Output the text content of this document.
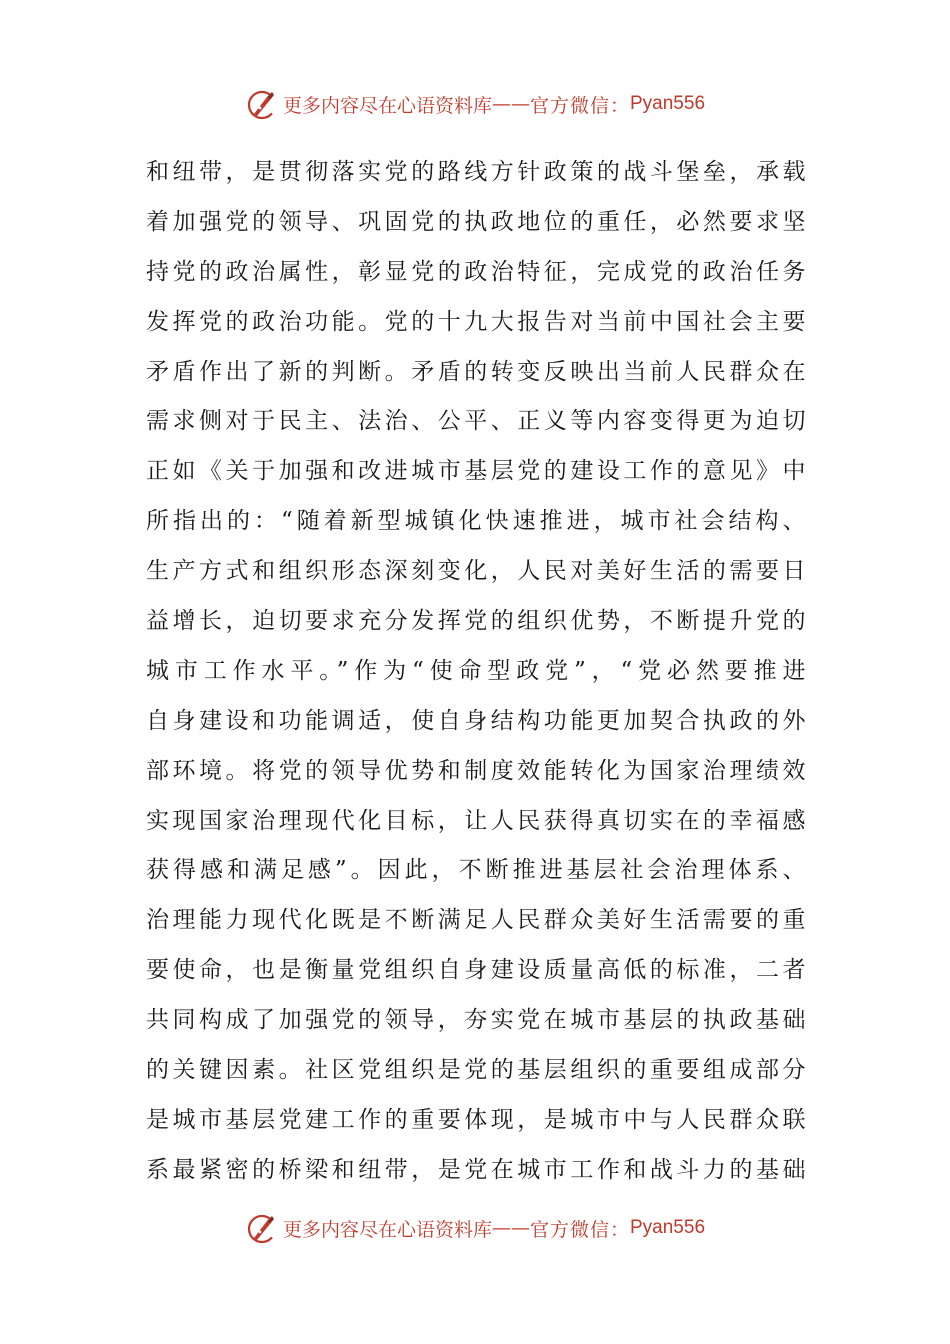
更多内容尽在心语资料库 —— 官方微信： Pyan556
和纽带，是贯彻落实党的路线方针政策的战斗堡垒，承载
着加强党的领导、巩固党的执政地位的重任，必然要求坚
持党的政治属性，彰显党的政治特征，完成党的政治任务
发挥党的政治功能。党的十九大报告对当前中国社会主要
矛盾作出了新的判断。矛盾的转变反映出当前人民群众在
需求侧对于民主、法治、公平、正义等内容变得更为迫切
正如《关于加强和改进城市基层党的建设工作的意见》中
所指出的：“随着新型城镇化快速推进，城市社会结构、
生产方式和组织形态深刻变化，人民对美好生活的需要日
益增长，迫切要求充分发挥党的组织优势，不断提升党的
城市工作水平。”作为“使命型政党”，“党必然要推进
自身建设和功能调适，使自身结构功能更加契合执政的外
部环境。将党的领导优势和制度效能转化为国家治理绩效
实现国家治理现代化目标，让人民获得真切实在的幸福感
获得感和满足感”。因此，不断推进基层社会治理体系、
治理能力现代化既是不断满足人民群众美好生活需要的重
要使命，也是衡量党组织自身建设质量高低的标准，二者
共同构成了加强党的领导，夯实党在城市基层的执政基础
的关键因素。社区党组织是党的基层组织的重要组成部分
是城市基层党建工作的重要体现，是城市中与人民群众联
系最紧密的桥梁和纽带，是党在城市工作和战斗力的基础
更多内容尽在心语资料库 —— 官方微信： Pyan556
